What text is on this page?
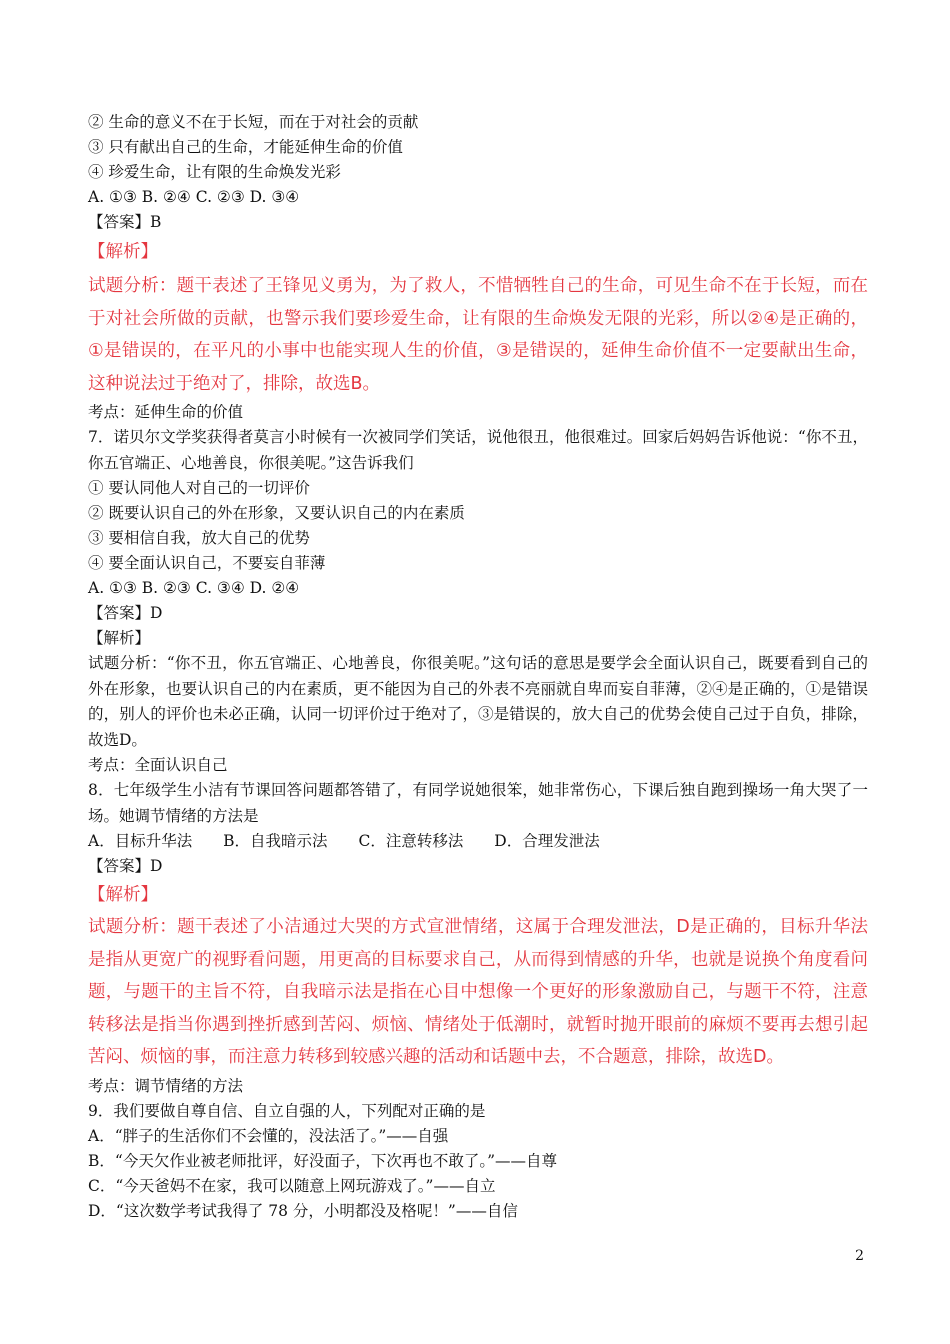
② 生命的意义不在于长短，而在于对社会的贡献
③ 只有献出自己的生命，才能延伸生命的价值
④ 珍爱生命，让有限的生命焕发光彩
A. ①③ B. ②④ C. ②③ D. ③④
【答案】B
【解析】
试题分析：题干表述了王锋见义勇为，为了救人，不惜牺牲自己的生命，可见生命不在于长短，而在于对社会所做的贡献，也警示我们要珍爱生命，让有限的生命焕发无限的光彩，所以②④是正确的，①是错误的，在平凡的小事中也能实现人生的价值，③是错误的，延伸生命价值不一定要献出生命，这种说法过于绝对了，排除，故选B。
考点：延伸生命的价值
7．诺贝尔文学奖获得者莫言小时候有一次被同学们笑话，说他很丑，他很难过。回家后妈妈告诉他说：“你不丑，你五官端正、心地善良，你很美呢。”这告诉我们
① 要认同他人对自己的一切评价
② 既要认识自己的外在形象，又要认识自己的内在素质
③ 要相信自我，放大自己的优势
④ 要全面认识自己，不要妄自菲薄
A. ①③ B. ②③ C. ③④ D. ②④
【答案】D
【解析】
试题分析：“你不丑，你五官端正、心地善良，你很美呢。”这句话的意思是要学会全面认识自己，既要看到自己的外在形象，也要认识自己的内在素质，更不能因为自己的外表不亮丽就自卑而妄自菲薄，②④是正确的，①是错误的，别人的评价也未必正确，认同一切评价过于绝对了，③是错误的，放大自己的优势会使自己过于自负，排除，故选D。
考点：全面认识自己
8．七年级学生小洁有节课回答问题都答错了，有同学说她很笨，她非常伤心，下课后独自跑到操场一角大哭了一场。她调节情绪的方法是
A．目标升华法 B．自我暗示法 C．注意转移法 D．合理发泄法
【答案】D
【解析】
试题分析：题干表述了小洁通过大哭的方式宣泄情绪，这属于合理发泄法，D是正确的，目标升华法是指从更宽广的视野看问题，用更高的目标要求自己，从而得到情感的升华，也就是说换个角度看问题，与题干的主旨不符，自我暗示法是指在心目中想像一个更好的形象激励自己，与题干不符，注意转移法是指当你遇到挫折感到苦闷、烦恼、情绪处于低潮时，就暂时抛开眼前的麻烦不要再去想引起苦闷、烦恼的事，而注意力转移到较感兴趣的活动和话题中去，不合题意，排除，故选D。
考点：调节情绪的方法
9．我们要做自尊自信、自立自强的人，下列配对正确的是
A．“胖子的生活你们不会懂的，没法活了。”——自强
B．“今天欠作业被老师批评，好没面子，下次再也不敢了。”——自尊
C．“今天爸妈不在家，我可以随意上网玩游戏了。”——自立
D．“这次数学考试我得了 78 分，小明都没及格呢！”——自信
2
